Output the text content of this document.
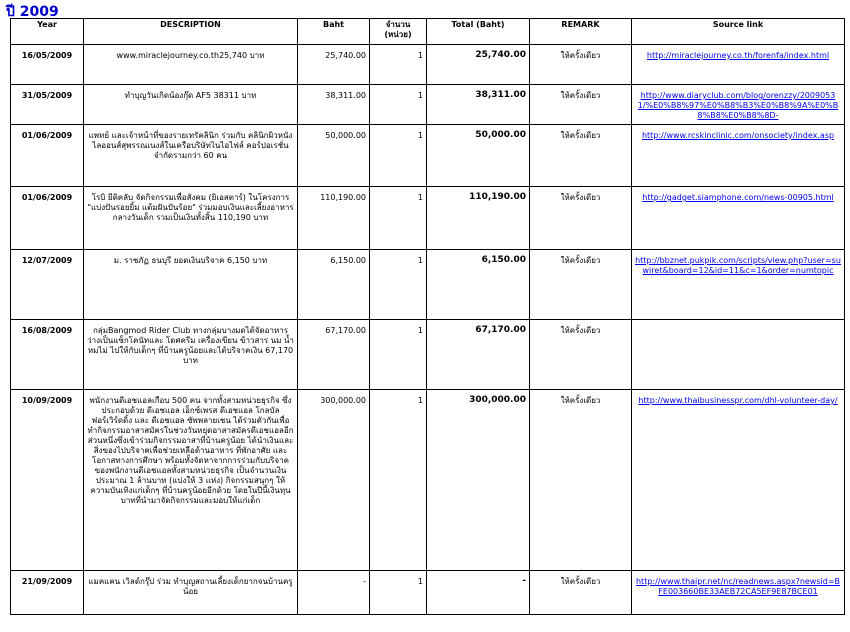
ปี 2009
Year	DESCRIPTION	Baht	จำนวน (หน่วย)	Total (Baht)	REMARK	Source link
16/05/2009	www.miraclejourney.co.th25,740 บาท	25,740.00	1	25,740.00	ให้ครั้งเดียว	http://miraclejourney.co.th/forenfa/index.html
31/05/2009	ทำบุญวันเกิดน้องกุ๊ด AF5 38311 บาท	38,311.00	1	38,311.00	ให้ครั้งเดียว	http://www.diaryclub.com/blog/orenzzy/20090531/%E0%B8%97%E0%B8%B3%E0%B8%9A%E0%B8%B8%E0%B8%8D-
01/06/2009	แพทย์ และเจ้าหน้าที่ของรายเทรัคลินิก ร่วมกับ คลินิกผิวหนังไลออนส์สุพรรณเนงส์ในเครือบริษัทไนไอไฟล์ คอร์ปอเรชั่น จำกัดรามกว่า 60 คน	50,000.00	1	50,000.00	ให้ครั้งเดียว	http://www.rcskinclinic.com/onsociety/index.asp
01/06/2009	โรบิ ยีติคลับ จัดกิจกรรมเพื่อสังคม (ยิเอสตาร์) ในโครงการ "แบ่งปันรอยยิ้ม แต้มฝันปันร้อย" ร่วมมอบเงินและเลี้ยงอาหารกลางวันเด็ก รวมเป็นเงินทั้งสิ้น 110,190 บาท	110,190.00	1	110,190.00	ให้ครั้งเดียว	http://gadget.siamphone.com/news-00905.html
12/07/2009	ม. ราชภัฏ ธนบุรี ยอดเงินบริจาค 6,150 บาท	6,150.00	1	6,150.00	ให้ครั้งเดียว	http://bbznet.pukpik.com/scripts/view.php?user=suwiret&board=12&id=11&c=1&order=numtopic
16/08/2009	กลุ่มBangmod Rider Club ทางกลุ่มบางมดได้จัดอาหารว่างเป็นแซ็กโคนัทและ โดศครีม เครื่องเขียน ข้าวสาร นม น้ำหมไม่ ไปให้กับเด็กๆ ที่บ้านครูน้อยและได้บริจาคเงิน 67,170 บาท	67,170.00	1	67,170.00	ให้ครั้งเดียว	
10/09/2009	พนักงานดีเอชแอลเกือบ 500 คน จากทั้งสามหน่วยธุรกิจ ซึ่งประกอบด้วย ดีเอชแอล เอ็กซ์เพรส ดีเอชแอล โกลบัล ฟอร์เวิร์ดดิ้ง และ ดีเอชแอล ซัพพลายเชน ได้ร่วมตัวกันเพื่อทำกิจกรรมอาสาสมัครในช่วงวันหยุดอาสาสมัครดีเอชแอลอีกส่วนหนึ่งซึ่งเข้าร่วมกิจกรรมอาสาที่บ้านครูน้อย ได้นำเงินและสิ่งของไปบริจาคเพื่อช่วยเหลือด้านอาหาร ที่พักอาศัย และโอกาสทางการศึกษา พร้อมทั้งจัดหาจากการร่วมกับบริจาคของพนักงานดีเอชแอลทั้งสามหน่วยธุรกิจ เป็นจำนวนเงินประมาณ 1 ล้านบาท (แบ่งให้ 3 แห่ง) กิจกรรมสนุกๆ ให้ความบันเทิงแก่เด็กๆ ที่บ้านครูน้อยอีกด้วย โดยในปีนี้เงินทุนบาทที่นำมาจัดกิจกรรมและมอบให้แก่เด็ก	300,000.00	1	300,000.00	ให้ครั้งเดียว	http://www.thaibusinesspr.com/dhl-volunteer-day/
21/09/2009	แมคแคน เวิลด์กรุ๊ป ร่วม ทำบุญสถานเลี้ยงเด็กยากจนบ้านครูน้อย	-	1	-	ให้ครั้งเดียว	http://www.thaipr.net/nc/readnews.aspx?newsid=BFE003660BE33AEB72CA5EF9E87BCE01
